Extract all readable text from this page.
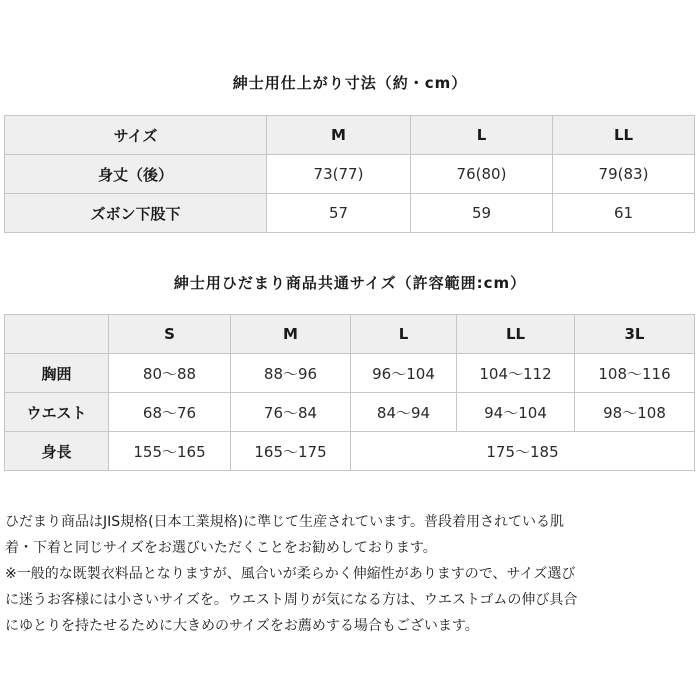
紳士用仕上がり寸法（約・cm）
サイズ	M	L	LL
身丈（後）	73(77)	76(80)	79(83)
ズボン下股下	57	59	61
紳士用ひだまり商品共通サイズ（許容範囲:cm）
	S	M	L	LL	3L
胸囲	80～88	88～96	96～104	104～112	108～116
ウエスト	68～76	76～84	84～94	94～104	98～108
身長	155～165	165～175	175～185		

ひだまり商品はJIS規格(日本工業規格)に準じて生産されています。普段着用されている肌

着・下着と同じサイズをお選びいただくことをお勧めしております。

※一般的な既製衣料品となりますが、風合いが柔らかく伸縮性がありますので、サイズ選び

に迷うお客様には小さいサイズを。ウエスト周りが気になる方は、ウエストゴムの伸び具合

にゆとりを持たせるために大きめのサイズをお薦めする場合もございます。
